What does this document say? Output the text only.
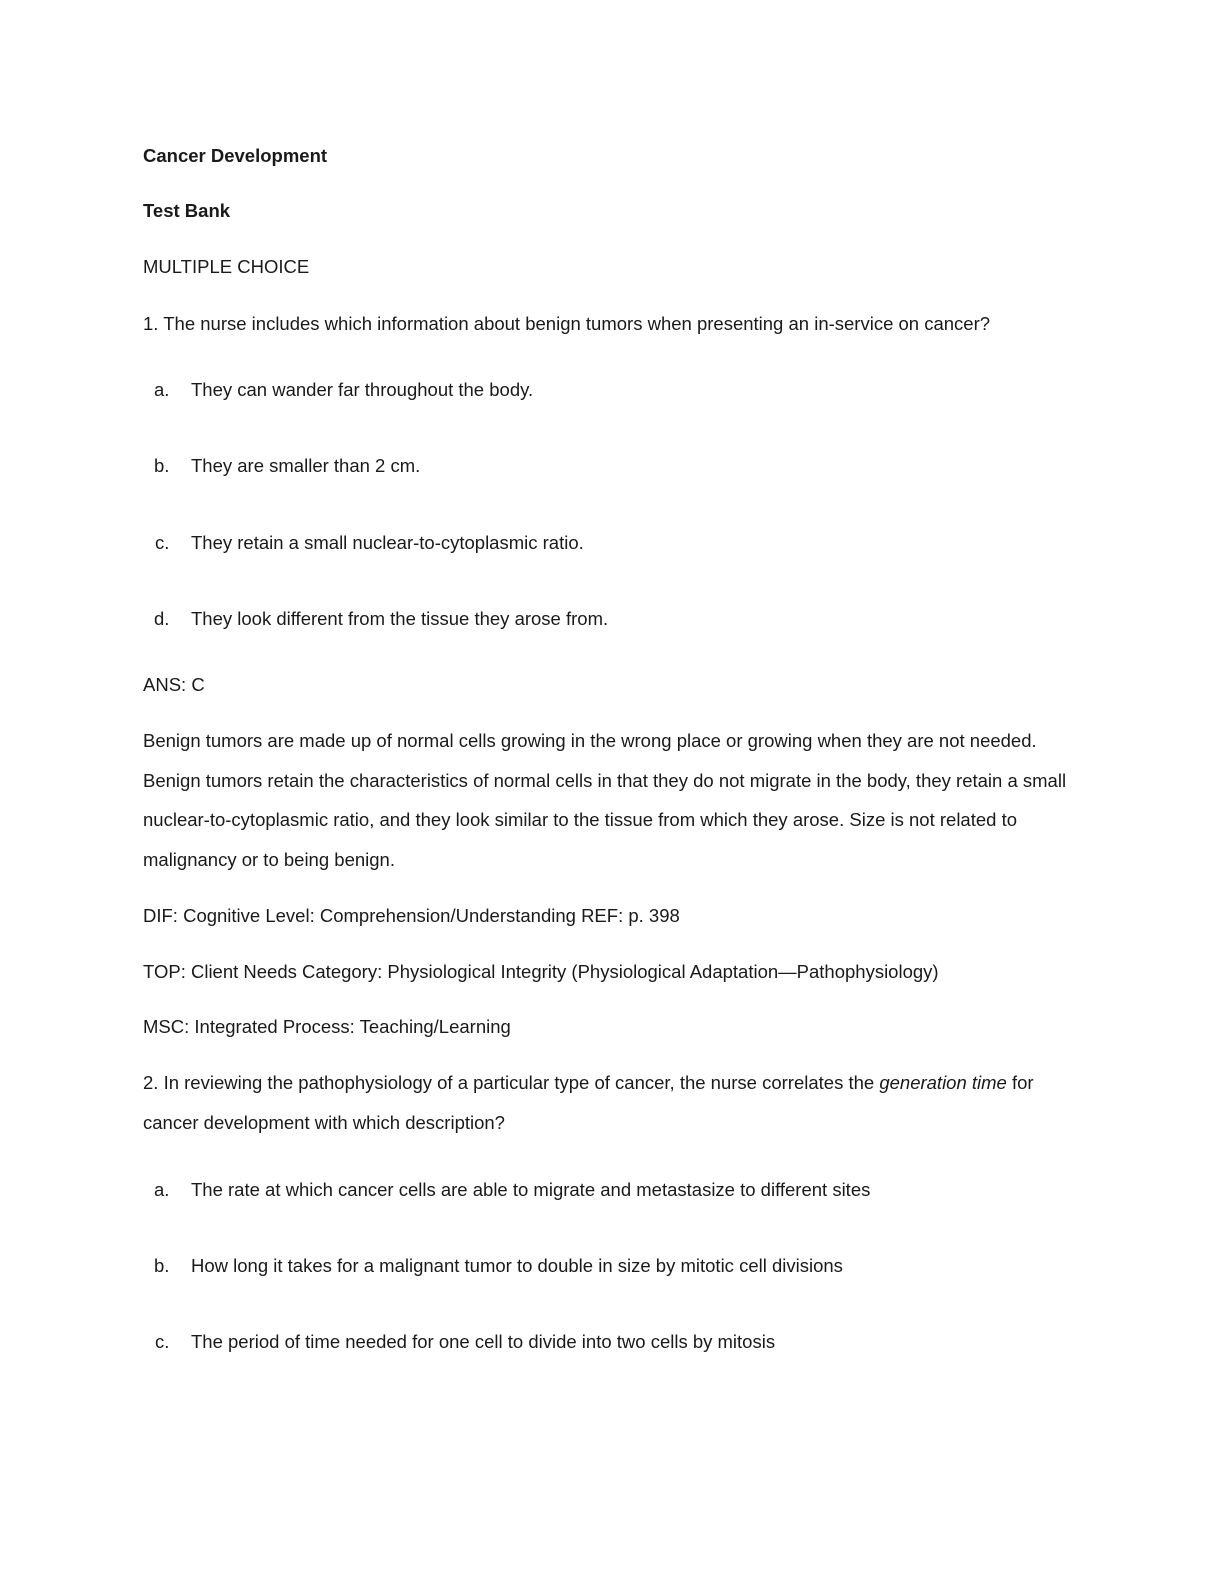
Cancer Development
Test Bank
MULTIPLE CHOICE
1. The nurse includes which information about benign tumors when presenting an in-service on cancer?
a. They can wander far throughout the body.
b. They are smaller than 2 cm.
c. They retain a small nuclear-to-cytoplasmic ratio.
d. They look different from the tissue they arose from.
ANS: C
Benign tumors are made up of normal cells growing in the wrong place or growing when they are not needed. Benign tumors retain the characteristics of normal cells in that they do not migrate in the body, they retain a small nuclear-to-cytoplasmic ratio, and they look similar to the tissue from which they arose. Size is not related to malignancy or to being benign.
DIF: Cognitive Level: Comprehension/Understanding REF: p. 398
TOP: Client Needs Category: Physiological Integrity (Physiological Adaptation—Pathophysiology)
MSC: Integrated Process: Teaching/Learning
2. In reviewing the pathophysiology of a particular type of cancer, the nurse correlates the generation time for cancer development with which description?
a. The rate at which cancer cells are able to migrate and metastasize to different sites
b. How long it takes for a malignant tumor to double in size by mitotic cell divisions
c. The period of time needed for one cell to divide into two cells by mitosis
